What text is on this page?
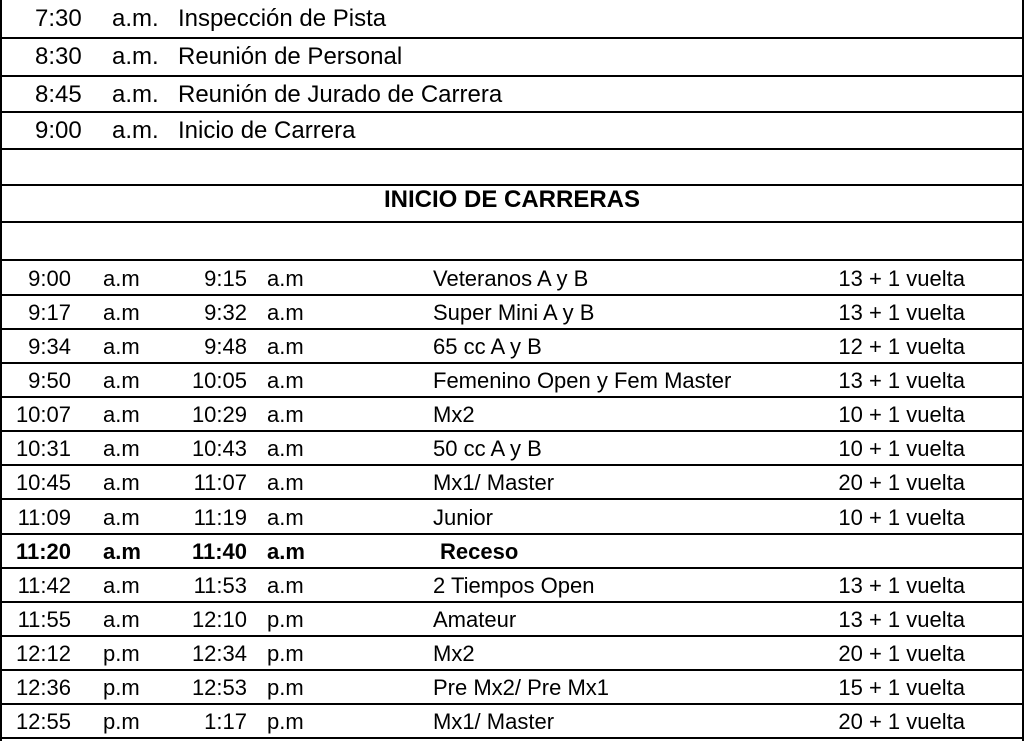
7:30 a.m. Inspección de Pista
8:30 a.m. Reunión de Personal
8:45 a.m. Reunión de Jurado de Carrera
9:00 a.m. Inicio de Carrera
INICIO DE CARRERAS
9:00 a.m	9:15 a.m	Veteranos A y B	13 + 1 vuelta
9:17 a.m	9:32 a.m	Super Mini A y B	13 + 1 vuelta
9:34 a.m	9:48 a.m	65 cc A y B	12 + 1 vuelta
9:50 a.m	10:05 a.m	Femenino Open y Fem Master	13 + 1 vuelta
10:07 a.m	10:29 a.m	Mx2	10 + 1 vuelta
10:31 a.m	10:43 a.m	50 cc A y B	10 + 1 vuelta
10:45 a.m	11:07 a.m	Mx1/ Master	20 + 1 vuelta
11:09 a.m	11:19 a.m	Junior	10 + 1 vuelta
11:20 a.m	11:40 a.m	Receso
11:42 a.m	11:53 a.m	2 Tiempos Open	13 + 1 vuelta
11:55 a.m	12:10 p.m	Amateur	13 + 1 vuelta
12:12 p.m	12:34 p.m	Mx2	20 + 1 vuelta
12:36 p.m	12:53 p.m	Pre Mx2/ Pre Mx1	15 + 1 vuelta
12:55 p.m	1:17 p.m	Mx1/ Master	20 + 1 vuelta
